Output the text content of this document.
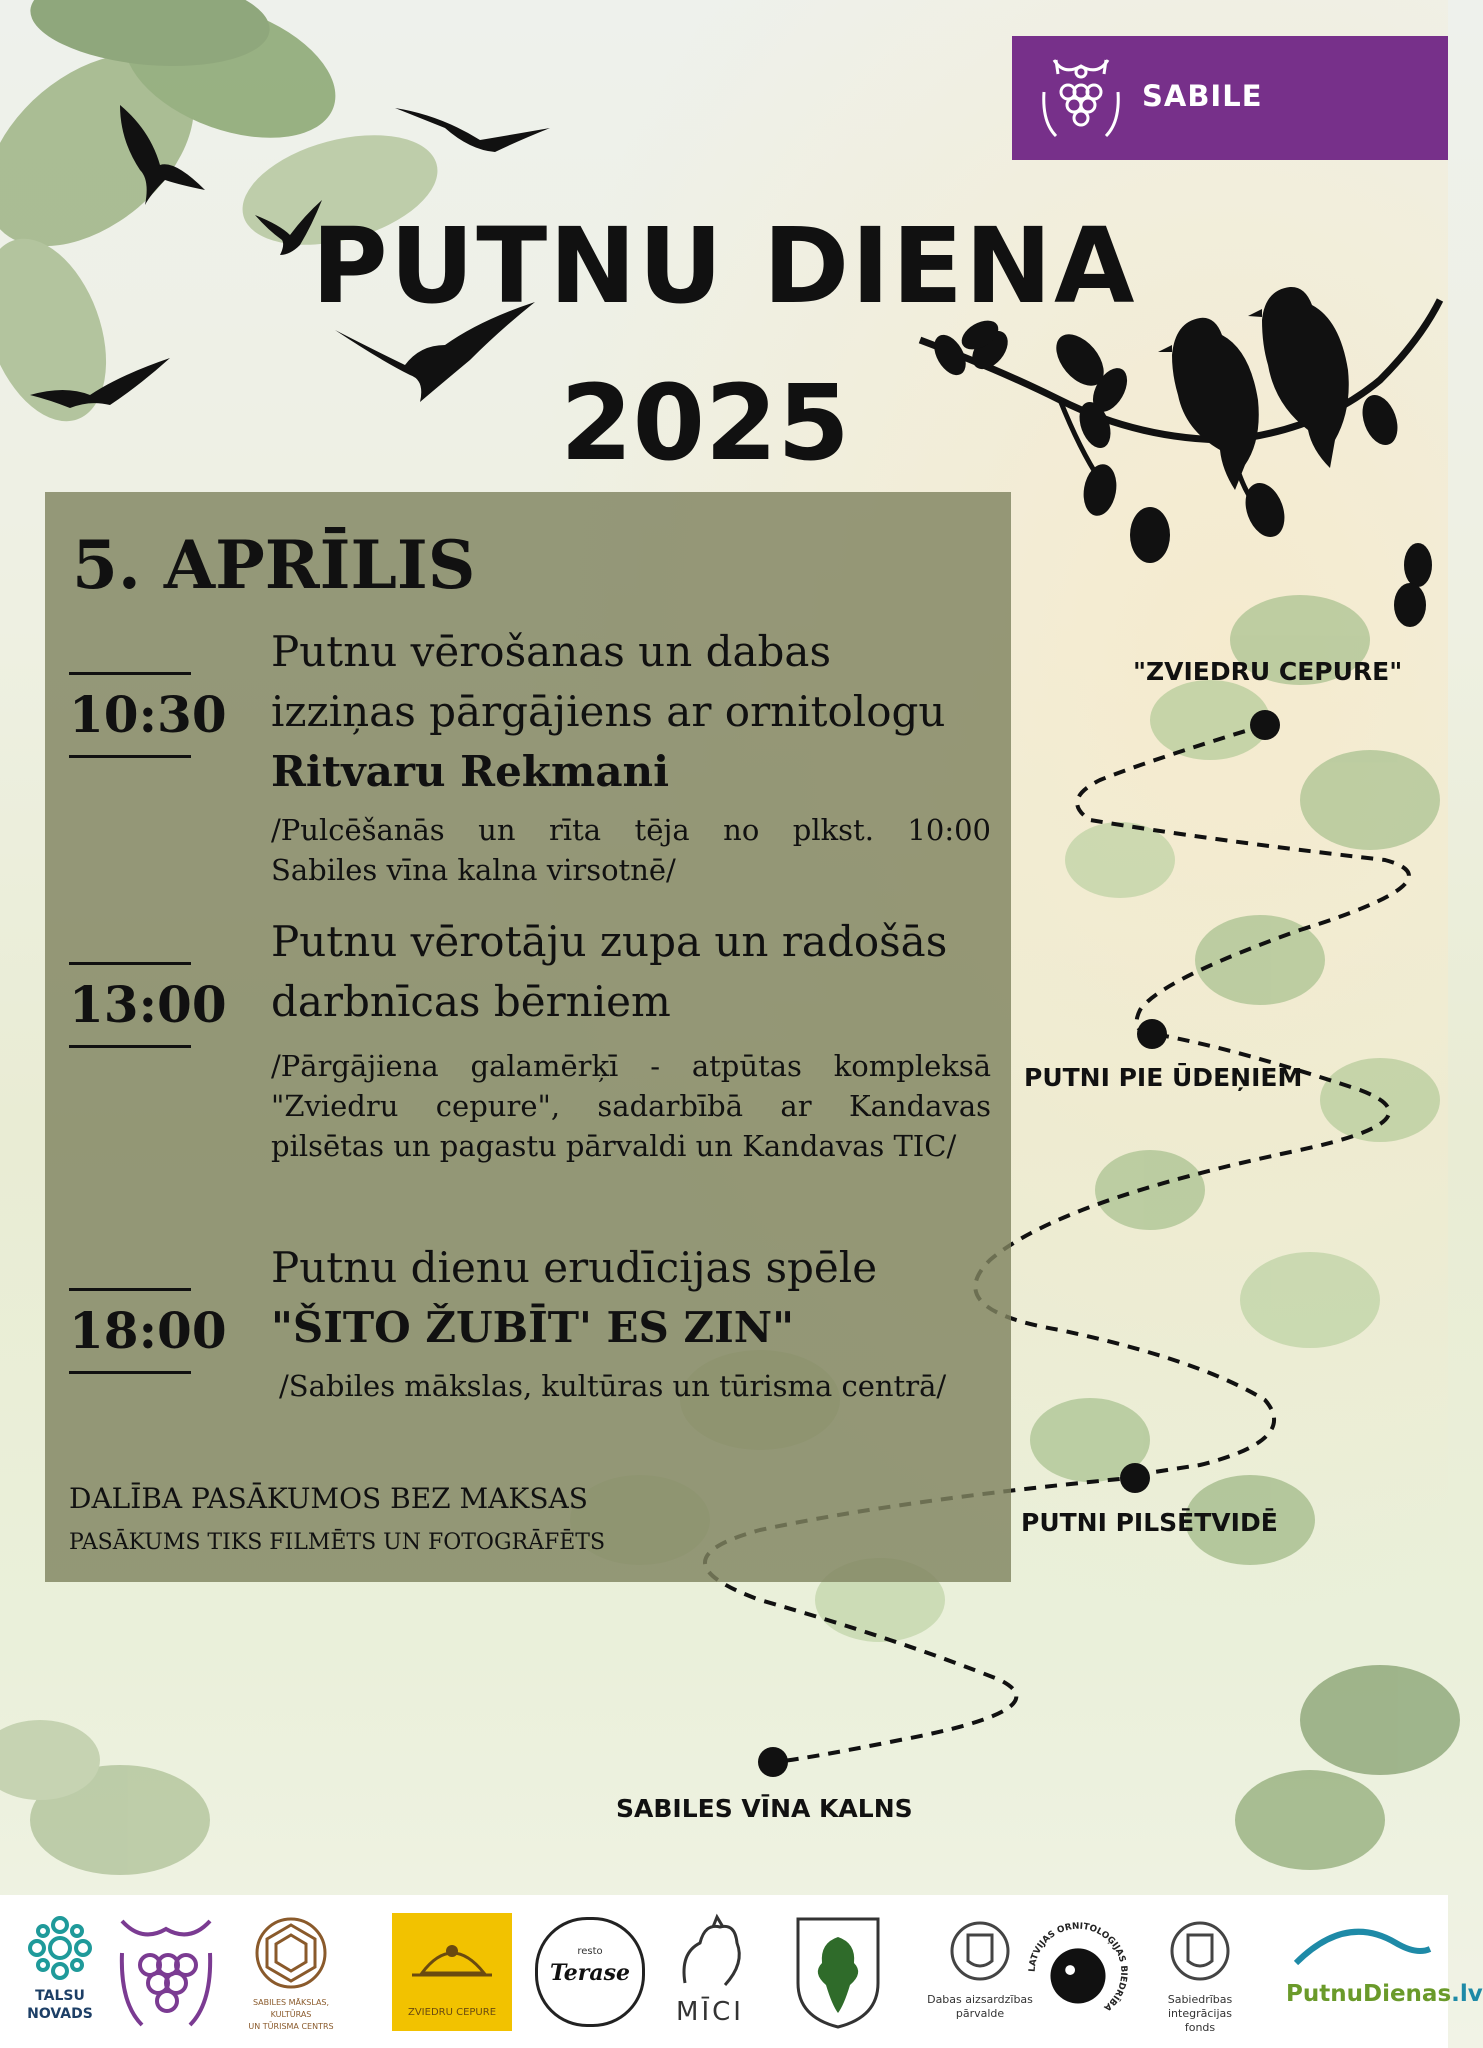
SABILE
PUTNU DIENA
2025
5. APRĪLIS
10:30
Putnu vērošanas un dabas
izziņas pārgājiens ar ornitologu
Ritvaru Rekmani
/Pulcēšanās un rīta tēja no plkst. 10:00
Sabiles vīna kalna virsotnē/
13:00
Putnu vērotāju zupa un radošās
darbnīcas bērniem
/Pārgājiena galamērķī - atpūtas kompleksā "Zviedru cepure", sadarbībā ar Kandavas pilsētas un pagastu pārvaldi un Kandavas TIC/
18:00
Putnu dienu erudīcijas spēle
"ŠITO ŽUBĪT' ES ZIN"
/Sabiles mākslas, kultūras un tūrisma centrā/
DALĪBA PASĀKUMOS BEZ MAKSAS
PASĀKUMS TIKS FILMĒTS UN FOTOGRĀFĒTS
"ZVIEDRU CEPURE"
PUTNI PIE ŪDEŅIEM
PUTNI PILSĒTVIDĒ
SABILES VĪNA KALNS
TALSU
NOVADS
SABILES MĀKSLAS, KULTŪRAS
UN TŪRISMA CENTRS
ZVIEDRU CEPURE
resto
Terase
MĪCI	Dabas aizsardzības
pārvalde
LATVIJAS ORNITOLOĢIJAS BIEDRĪBA
Sabiedrības integrācijas
fonds
PutnuDienas.lv
